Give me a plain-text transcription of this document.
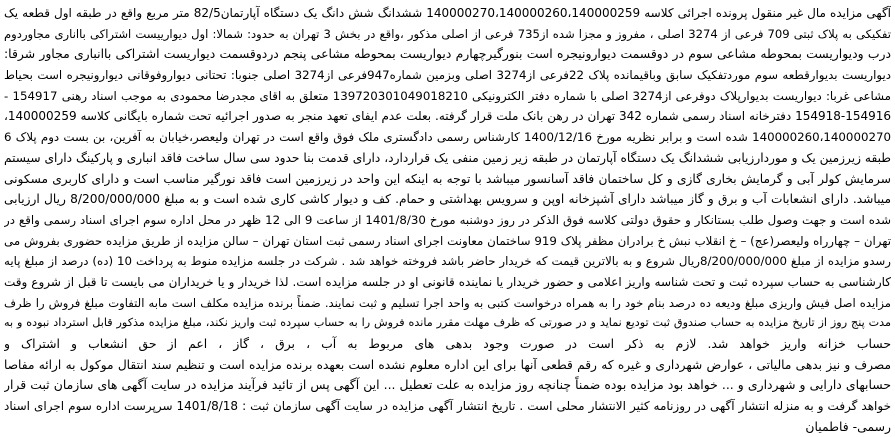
آگهی مزایده مال غیر منقول پرونده اجرائی کلاسه 140000270،140000260،140000259 ششدانگ شش دانگ یک دستگاه آپارتمان82/5 متر مربع واقع در طبقه اول قطعه یک
تفکیکی به پلاک ثبتی 709 فرعی از 3274 اصلی ، مفروز و مجزا شده از735 فرعی از اصلی مذکور ،واقع در بخش 3 تهران به حدود: شمالا: اول دیوارییست اشتراکی بااناری مجاوردوم
درب ودیواریست بمحوطه مشاعی سوم در دوقسمت دیوارونیجره است بنورگیرچهارم دیواریست بمحوطه مشاعی پنجم دردوقسمت دیواریست اشتراکی باانباری مجاور شرقا:
دیواریست بدیوارقطعه سوم موردتفکیک سابق وباقیمانده پلاک 22فرعی از3274 اصلی وبزمین شماره947فرعی از3274 اصلی جنوبا: تحتانی دیواروفوقانی دیوارونیجره است بحیاط
مشاعی غربا: دیواریست بدیوارپلاک دوفرعی از3274 اصلی با شماره دفتر الکترونیکی 139720301049018210 متعلق به اقای مجدرضا محمودی به موجب اسناد رهنی 154917 -
154918-154916 دفترخانه اسناد رسمی شماره 342 تهران در رهن بانک ملت قرار گرفته. بعلت عدم ایفای تعهد منجر به صدور اجرائیه تحت شماره بایگانی کلاسه 140000259،
140000260،140000270 شده است و برابر نظریه مورخ 1400/12/16 کارشناس رسمی دادگستری ملک فوق واقع است در تهران ولیعصر،خیابان به آفرین، بن بست دوم پلاک 6
طبقه زیرزمین یک و موردارزیابی ششدانگ یک دستگاه آپارتمان در طبقه زیر زمین منفی یک قراردارد، دارای قدمت بنا حدود سی سال ساخت فاقد انباری و پارکینگ دارای سیستم
سرمایش کولر آبی و گرمایش بخاری گازی و کل ساختمان فاقد آسانسور میباشد با توجه به اینکه این واحد در زیرزمین است فاقد نورگیر مناسب است و دارای کاربری مسکونی
میباشد. دارای انشعابات آب و برق و گاز میباشد دارای آشپزخانه اوپن و سرویس بهداشتی و حمام. کف و دیوار کاشی کاری شده است و به مبلغ 8/200/000/000 ریال ارزیابی
شده است و جهت وصول طلب بستانکار و حقوق دولتی کلاسه فوق الذکر در روز دوشنبه مورخ 1401/8/30 از ساعت 9 الی 12 ظهر در محل اداره سوم اجرای اسناد رسمی واقع در
تهران – چهارراه ولیعصر(عج) – خ انقلاب نبش خ برادران مظفر پلاک 919 ساختمان معاونت اجرای اسناد رسمی ثبت استان تهران – سالن مزایده از طریق مزایده حضوری بفروش می
رسدو مزایده از مبلغ 8/200/000/000ریال شروع و به بالاترین قیمت که خریدار حاضر باشد فروخته خواهد شد . شرکت در جلسه مزایده منوط به پرداخت 10 (ده) درصد از مبلغ پایه
کارشناسی به حساب سپرده ثبت و تحت شناسه واریز اعلامی و حضور خریدار یا نماینده قانونی او در جلسه مزایده است. لذا خریدار و یا خریداران می بایست تا قبل از شروع وقت
مزایده اصل فیش واریزی مبلغ ودیعه ده درصد بنام خود را به همراه درخواست کتبی به واحد اجرا تسلیم و ثبت نمایند. ضمناً برنده مزایده مکلف است مابه التفاوت مبلغ فروش را ظرف
مدت پنج روز از تاریخ مزایده به حساب صندوق ثبت تودیع نماید و در صورتی که ظرف مهلت مقرر مانده فروش را به حساب سپرده ثبت واریز نکند، مبلغ مزایده مذکور قابل استرداد نبوده و به
حساب خزانه واریز خواهد شد. لازم به ذکر است در صورت وجود بدهی های مربوط به آب ، برق ، گاز ، اعم از حق انشعاب و اشتراک و
مصرف و نیز بدهی مالیاتی ، عوارض شهرداری و غیره که رقم قطعی آنها برای این اداره معلوم نشده است بعهده برنده مزایده است و تنظیم سند انتقال موکول به ارائه مفاصا
حسابهای دارایی و شهرداری و ... خواهد بود مزایده بوده ضمناً چنانچه روز مزایده به علت تعطیل ... این آگهی پس از تائید فرآیند مزایده در سایت آگهی های سازمان ثبت قرار
خواهد گرفت و به منزله انتشار آگهی در روزنامه کثیر الانتشار محلی است . تاریخ انتشار آگهی مزایده در سایت آگهی سازمان ثبت : 1401/8/18 سرپرست اداره سوم اجرای اسناد
رسمی- فاطمیان
